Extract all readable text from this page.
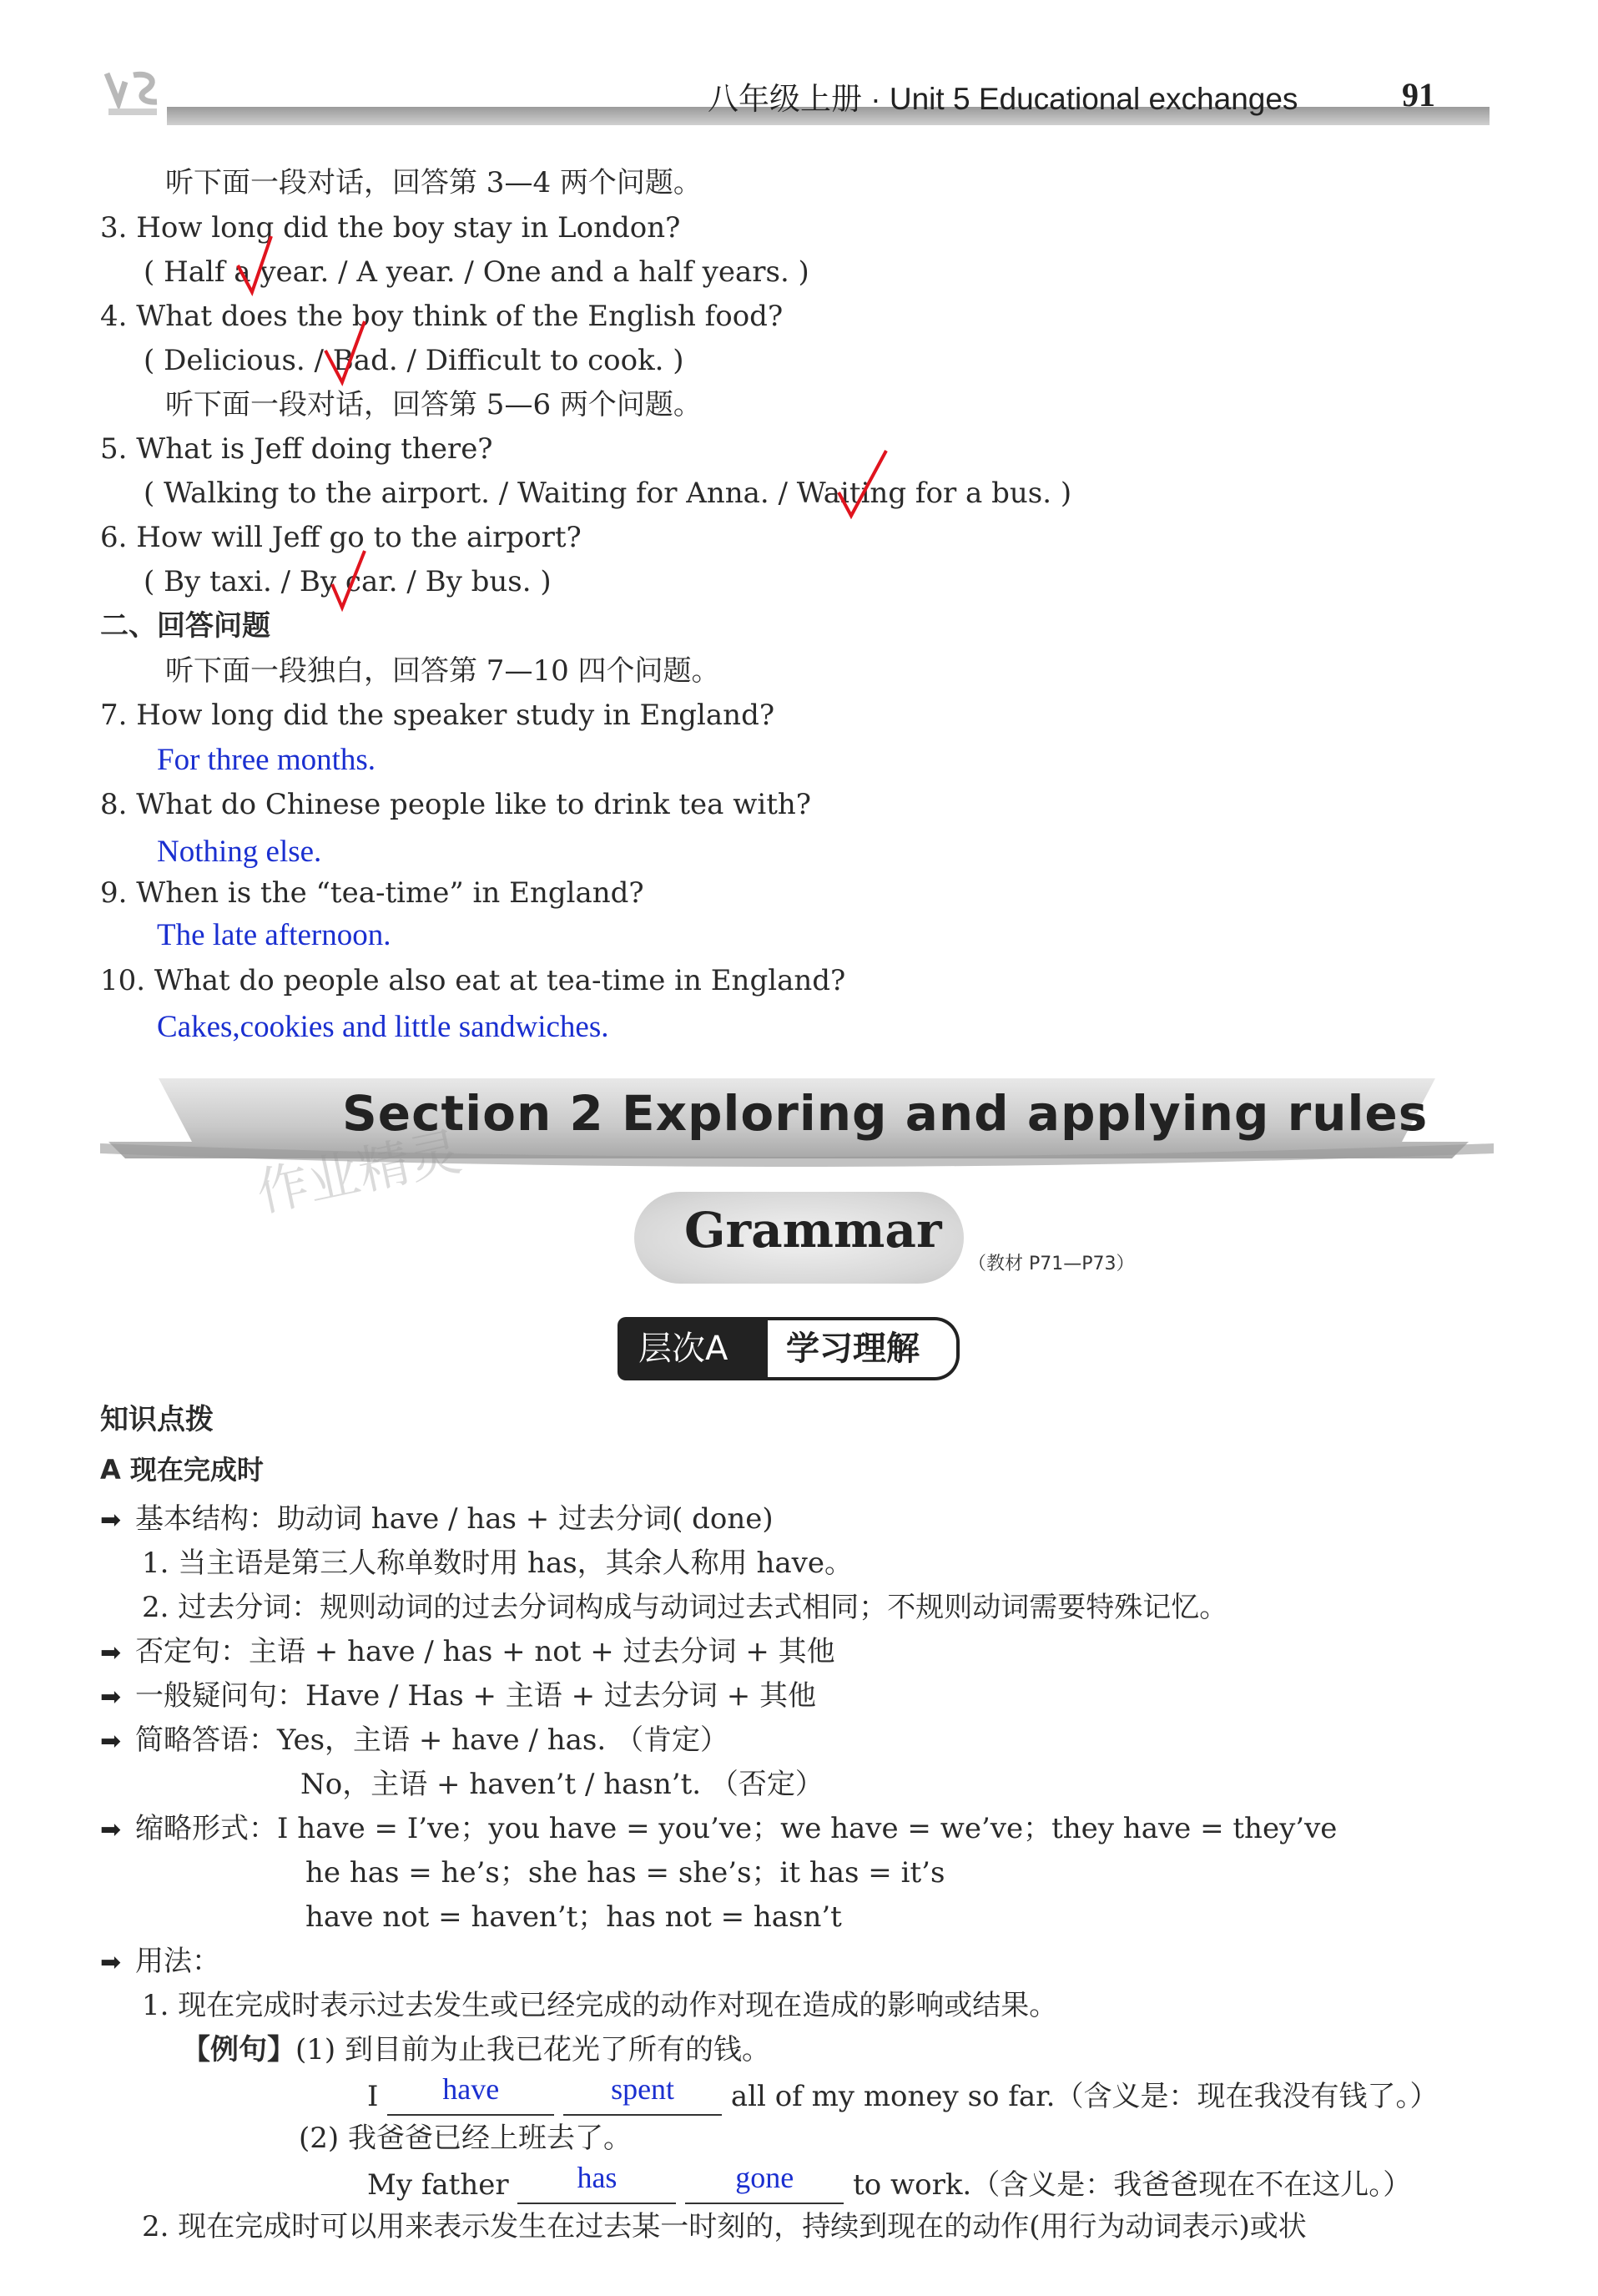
八年级上册 · Unit 5 Educational exchanges	91
听下面一段对话，回答第 3—4 两个问题。
3. How long did the boy stay in London?
( Half a year. / A year. / One and a half years. )
4. What does the boy think of the English food?
( Delicious. / Bad. / Difficult to cook. )
听下面一段对话，回答第 5—6 两个问题。
5. What is Jeff doing there?
( Walking to the airport. / Waiting for Anna. / Waiting for a bus. )
6. How will Jeff go to the airport?
( By taxi. / By car. / By bus. )
二、回答问题
听下面一段独白，回答第 7—10 四个问题。
7. How long did the speaker study in England?
For three months.
8. What do Chinese people like to drink tea with?
Nothing else.
9. When is the “tea-time” in England?
The late afternoon.
10. What do people also eat at tea-time in England?
Cakes,cookies and little sandwiches.
Section 2 Exploring and applying rules
作业精灵
Grammar
（教材 P71—P73）
层次A	学习理解
知识点拨
A 现在完成时
➡ 基本结构：助动词 have / has + 过去分词( done)
1. 当主语是第三人称单数时用 has，其余人称用 have。
2. 过去分词：规则动词的过去分词构成与动词过去式相同；不规则动词需要特殊记忆。
➡ 否定句：主语 + have / has + not + 过去分词 + 其他
➡ 一般疑问句：Have / Has + 主语 + 过去分词 + 其他
➡ 简略答语：Yes，主语 + have / has. （肯定）
No，主语 + haven’t / hasn’t. （否定）
➡ 缩略形式：I have = I’ve；you have = you’ve；we have = we’ve；they have = they’ve
he has = he’s；she has = she’s；it has = it’s
have not = haven’t；has not = hasn’t
➡ 用法：
1. 现在完成时表示过去发生或已经完成的动作对现在造成的影响或结果。
【例句】(1) 到目前为止我已花光了所有的钱。
I have	spent all of my money so far.（含义是：现在我没有钱了。）
(2) 我爸爸已经上班去了。
My father has	gone to work.（含义是：我爸爸现在不在这儿。）
2. 现在完成时可以用来表示发生在过去某一时刻的，持续到现在的动作(用行为动词表示)或状
